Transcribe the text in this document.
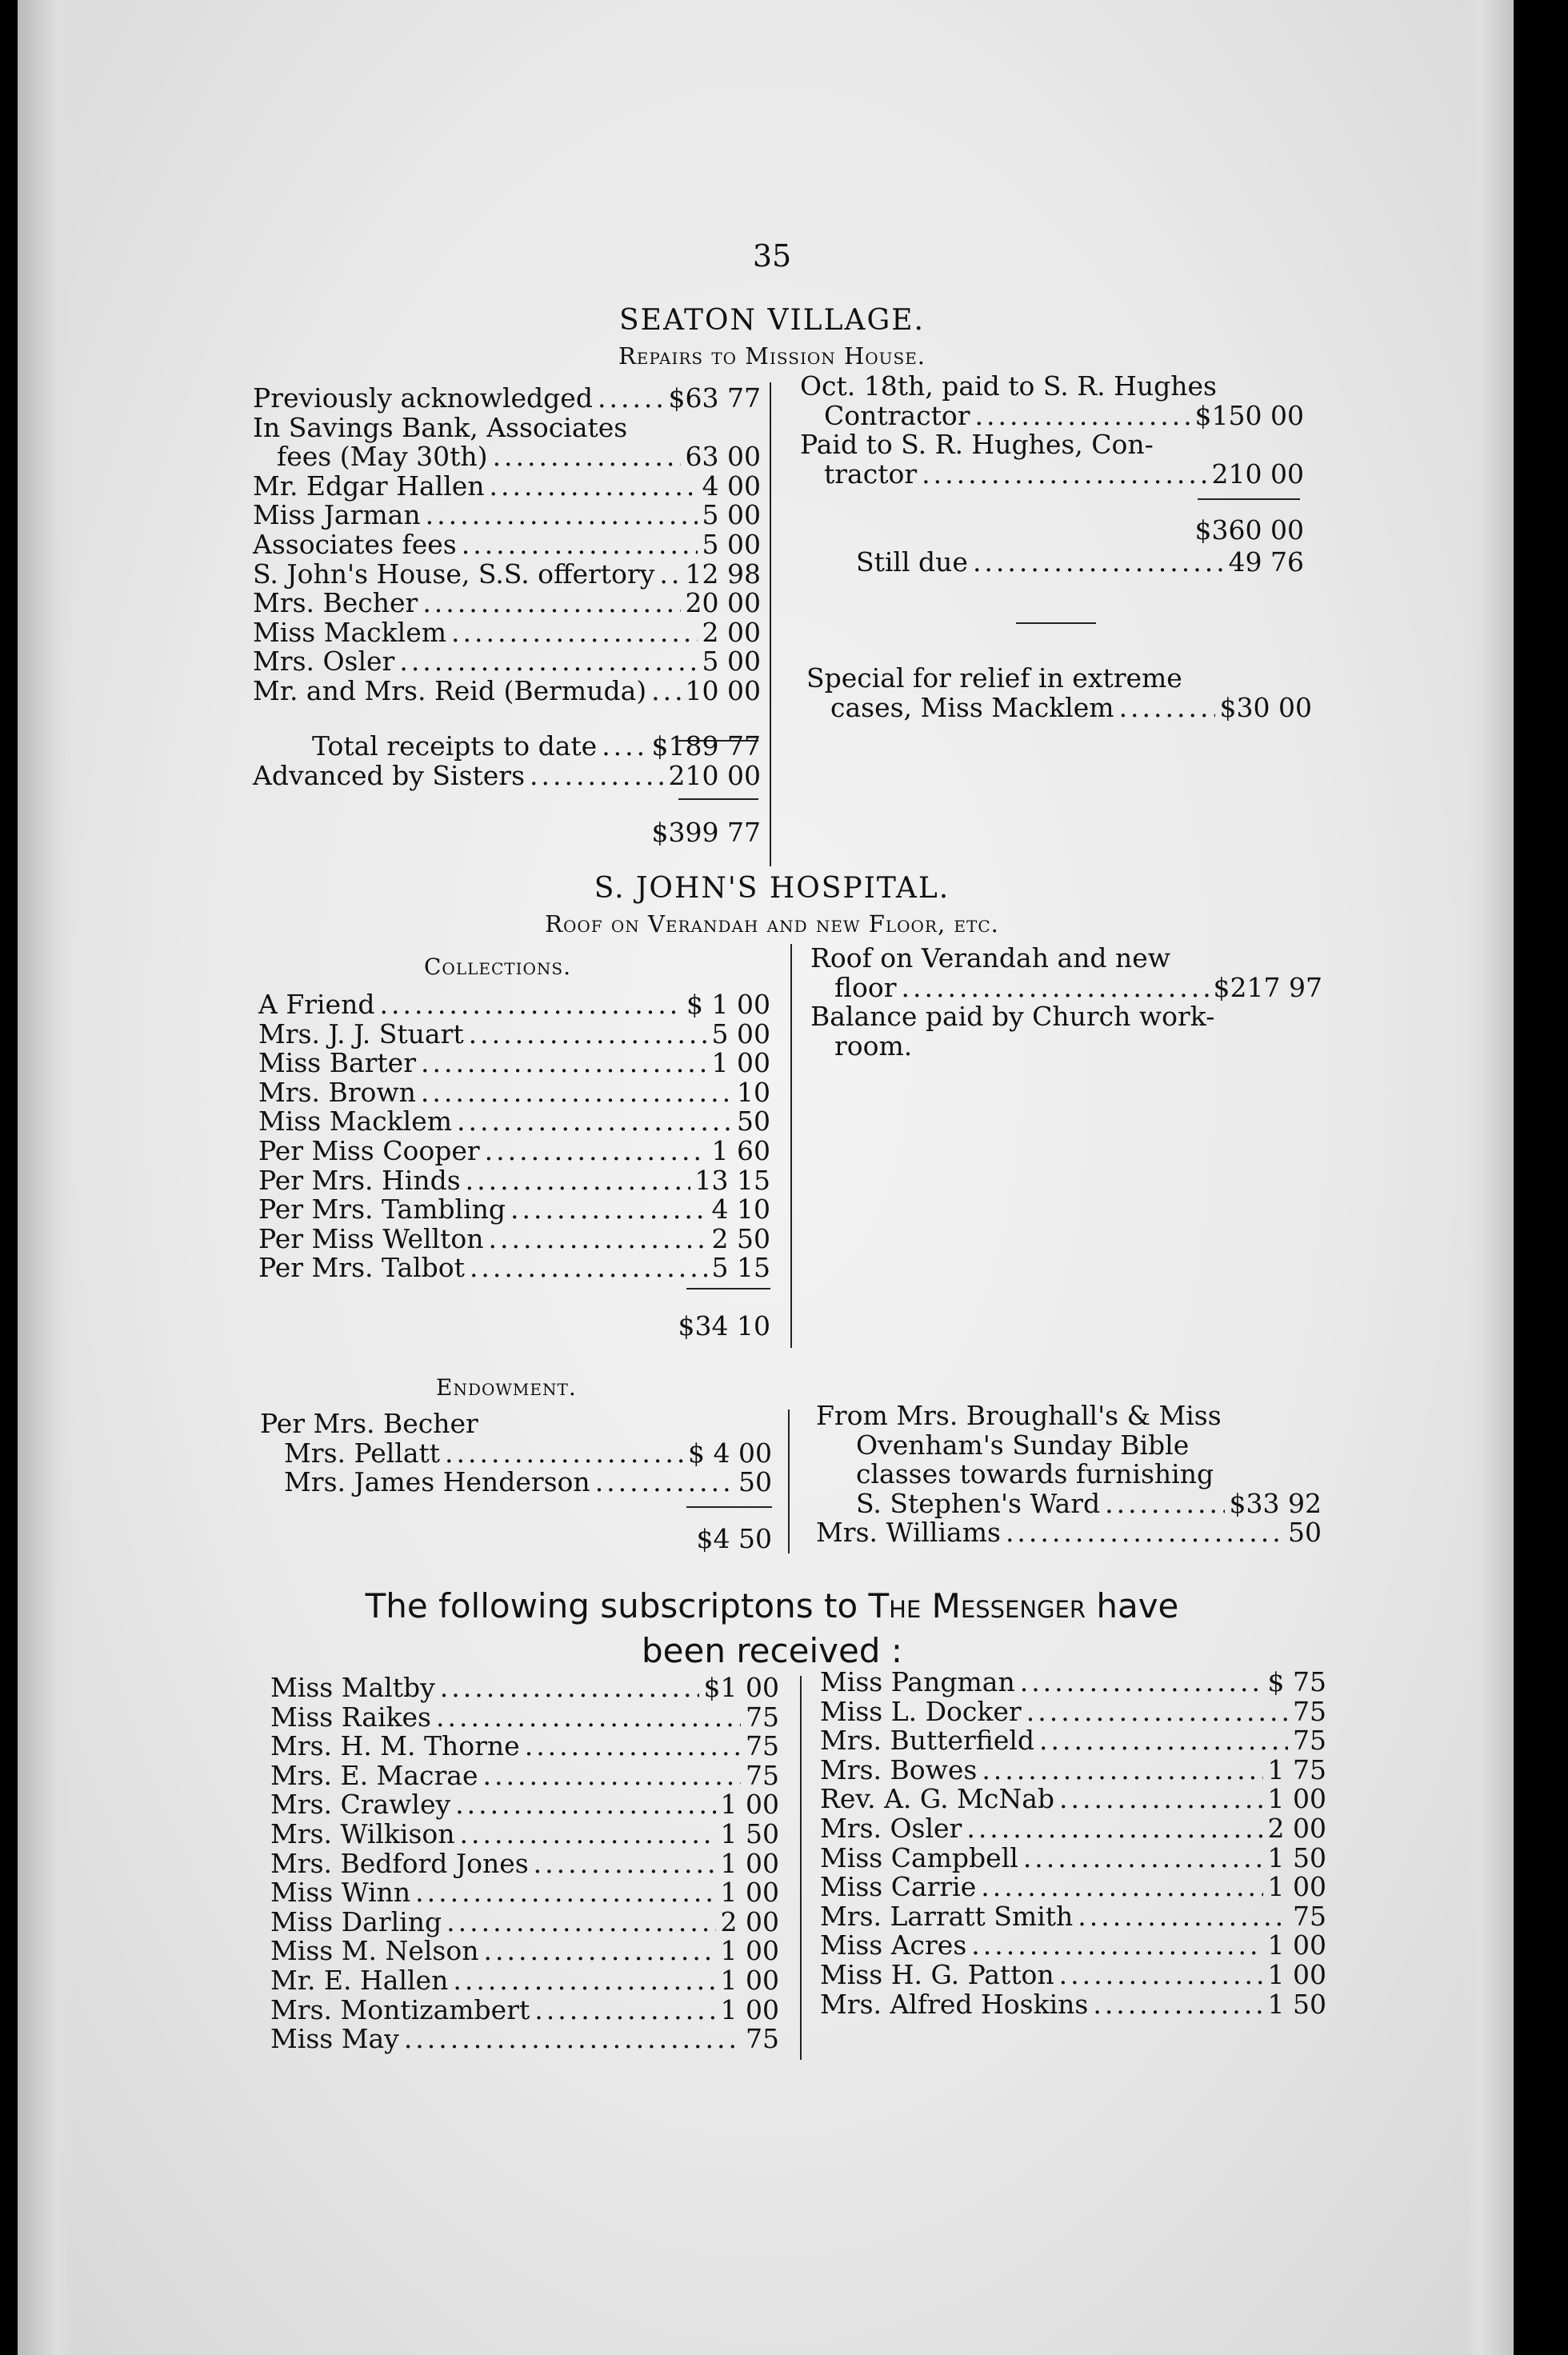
35
SEATON VILLAGE.
Repairs to Mission House.
Previously acknowledged .....	$63 77
In Savings Bank, Associates
fees (May 30th) .....	63 00
Mr. Edgar Hallen .....	4 00
Miss Jarman .....	5 00
Associates fees .....	5 00
S. John's House, S.S. offertory ..... 12 98
Mrs. Becher .....	20 00
Miss Macklem .....	2 00
Mrs. Osler .....	5 00
Mr. and Mrs. Reid (Bermuda) ..... 10 00
Total receipts to date ..... $189 77
Advanced by Sisters .....	210 00
$399 77
Oct. 18th, paid to S. R. Hughes
Contractor .....	$150 00
Paid to S. R. Hughes, Con-
tractor .....	210 00
$360 00
Still due .....	49 76
Special for relief in extreme
cases, Miss Macklem .....	$30 00
S. JOHN'S HOSPITAL.
Roof on Verandah and new Floor, etc.
Collections.
A Friend .....	$ 1 00
Mrs. J. J. Stuart .....	5 00
Miss Barter .....	1 00
Mrs. Brown .....	10
Miss Macklem .....	50
Per Miss Cooper .....	1 60
Per Mrs. Hinds .....	13 15
Per Mrs. Tambling .....	4 10
Per Miss Wellton .....	2 50
Per Mrs. Talbot .....	5 15
$34 10
Roof on Verandah and new
floor .....	$217 97
Balance paid by Church work-
room.
Endowment.
Per Mrs. Becher
Mrs. Pellatt .....	$ 4 00
Mrs. James Henderson .....	50
$4 50
From Mrs. Broughall's & Miss
Ovenham's Sunday Bible
classes towards furnishing
S. Stephen's Ward .....	$33 92
Mrs. Williams .....	50
The following subscriptons to The Messenger have
been received :
Miss Maltby .....	$1 00
Miss Raikes .....	75
Mrs. H. M. Thorne .....	75
Mrs. E. Macrae .....	75
Mrs. Crawley .....	1 00
Mrs. Wilkison .....	1 50
Mrs. Bedford Jones .....	1 00
Miss Winn .....	1 00
Miss Darling .....	2 00
Miss M. Nelson .....	1 00
Mr. E. Hallen .....	1 00
Mrs. Montizambert .....	1 00
Miss May .....	75
Miss Pangman .....	$ 75
Miss L. Docker .....	75
Mrs. Butterfield .....	75
Mrs. Bowes .....	1 75
Rev. A. G. McNab .....	1 00
Mrs. Osler .....	2 00
Miss Campbell .....	1 50
Miss Carrie .....	1 00
Mrs. Larratt Smith .....	75
Miss Acres .....	1 00
Miss H. G. Patton .....	1 00
Mrs. Alfred Hoskins .....	1 50
